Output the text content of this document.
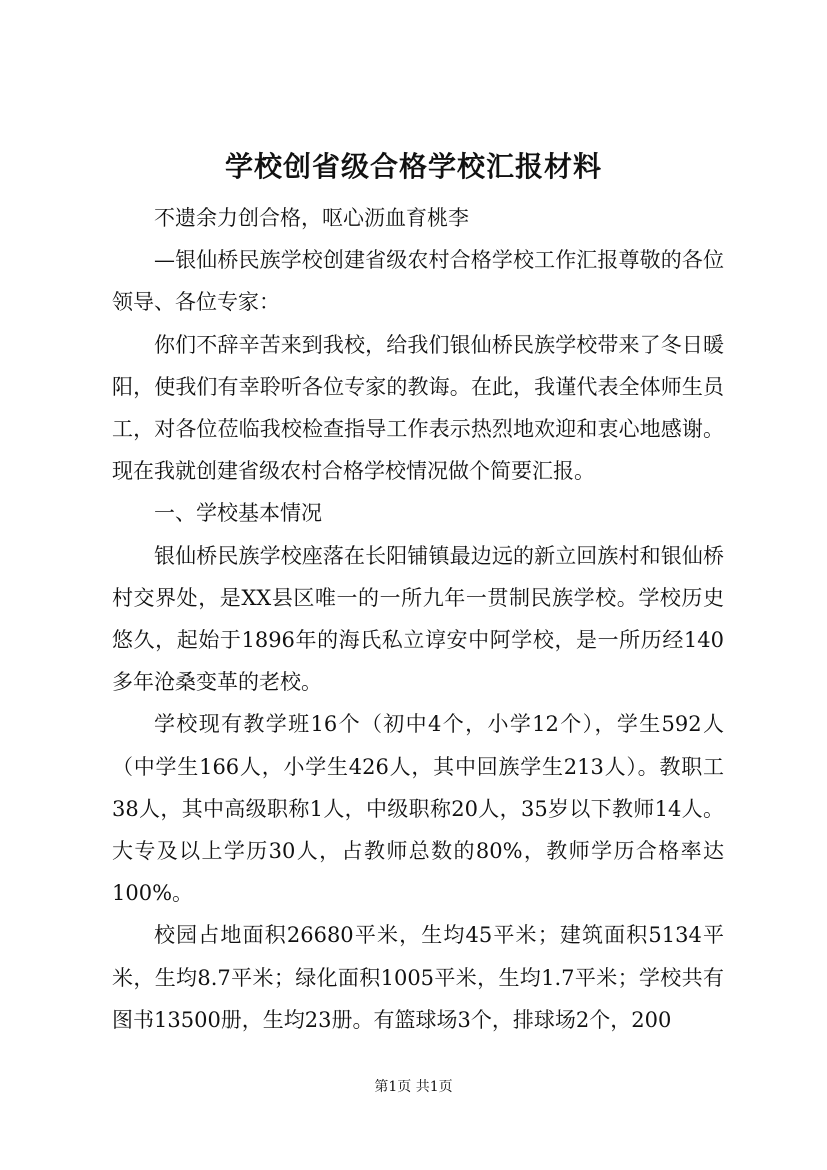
学校创省级合格学校汇报材料

不遗余力创合格，呕心沥血育桃李

—银仙桥民族学校创建省级农村合格学校工作汇报尊敬的各位领导、各位专家：

你们不辞辛苦来到我校，给我们银仙桥民族学校带来了冬日暖阳，使我们有幸聆听各位专家的教诲。在此，我谨代表全体师生员工，对各位莅临我校检查指导工作表示热烈地欢迎和衷心地感谢。现在我就创建省级农村合格学校情况做个简要汇报。

一、学校基本情况

银仙桥民族学校座落在长阳铺镇最边远的新立回族村和银仙桥村交界处，是XX县区唯一的一所九年一贯制民族学校。学校历史悠久，起始于1896年的海氏私立谆安中阿学校，是一所历经140多年沧桑变革的老校。

学校现有教学班16个（初中4个，小学12个），学生592人（中学生166人，小学生426人，其中回族学生213人）。教职工38人，其中高级职称1人，中级职称20人，35岁以下教师14人。大专及以上学历30人，占教师总数的80%，教师学历合格率达100%。

校园占地面积26680平米，生均45平米；建筑面积5134平米，生均8.7平米；绿化面积1005平米，生均1.7平米；学校共有图书13500册，生均23册。有篮球场3个，排球场2个，200

第1页 共1页
